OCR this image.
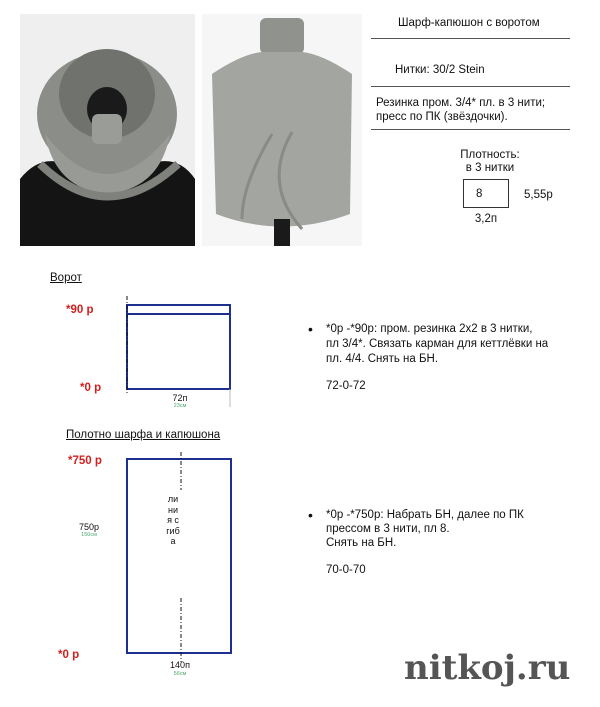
Шарф-капюшон с воротом
Нитки: 30/2 Stein
Резинка пром. 3/4* пл. в 3 нити;
пресс по ПК (звёздочки).
Плотность:
в 3 нитки
8	5,55р
3,2п
Ворот
*90 р
*0 р
72п
23см
• *0р -*90р: пром. резинка 2х2 в 3 нитки,
пл 3/4*. Связать карман для кеттлёвки на
пл. 4/4. Снять на БН.
72-0-72
Полотно шарфа и капюшона
*750 р
*0 р
750р
150см
линия сгиба
140п
56см
• *0р -*750р: Набрать БН, далее по ПК
прессом в 3 нити, пл 8.
Снять на БН.
70-0-70
nitkoj.ru
